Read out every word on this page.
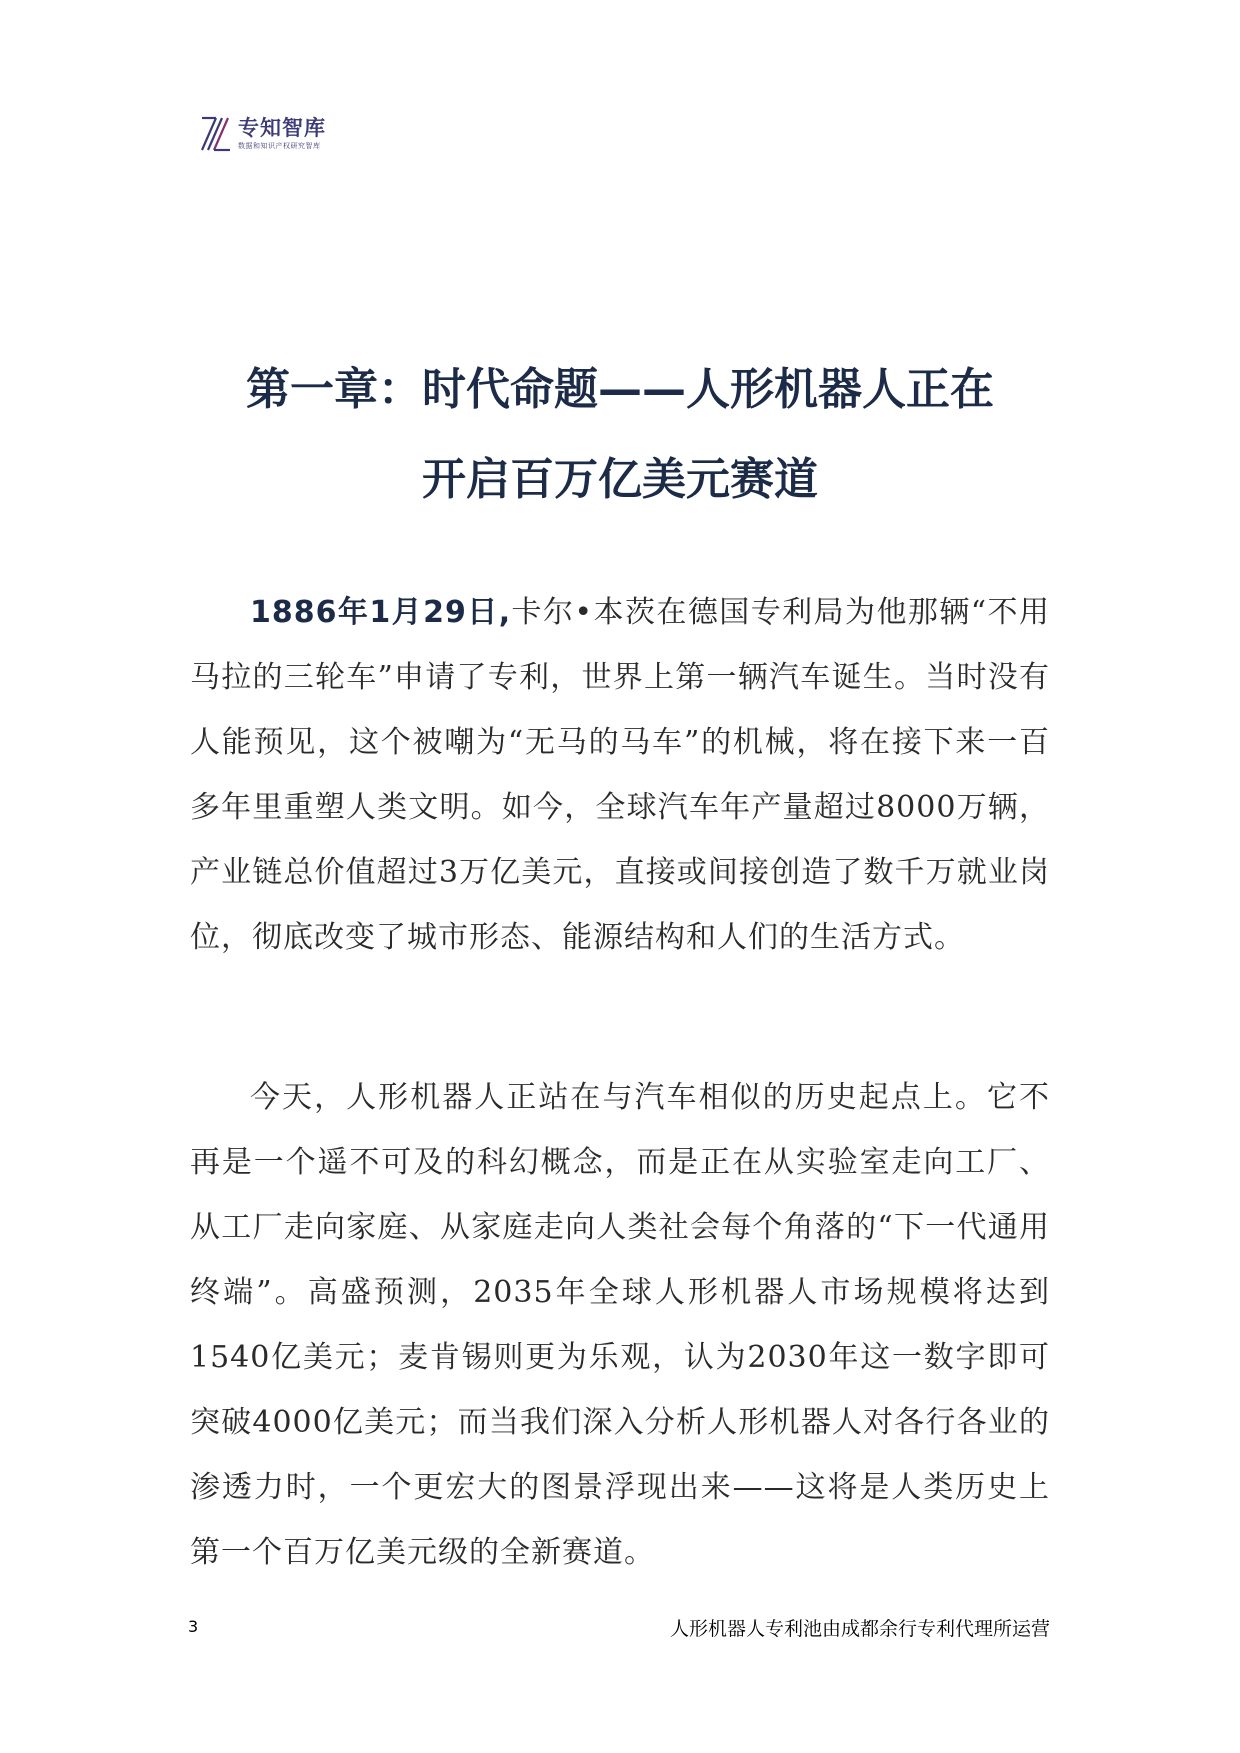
专知智库
数据和知识产权研究智库
第一章：时代命题——人形机器人正在
开启百万亿美元赛道

1886年1月29日,卡尔•本茨在德国专利局为他那辆“不用马拉的三轮车”申请了专利，世界上第一辆汽车诞生。当时没有人能预见，这个被嘲为“无马的马车”的机械，将在接下来一百多年里重塑人类文明。如今，全球汽车年产量超过8000万辆，产业链总价值超过3万亿美元，直接或间接创造了数千万就业岗位，彻底改变了城市形态、能源结构和人们的生活方式。

今天，人形机器人正站在与汽车相似的历史起点上。它不再是一个遥不可及的科幻概念，而是正在从实验室走向工厂、从工厂走向家庭、从家庭走向人类社会每个角落的“下一代通用终端”。高盛预测，2035年全球人形机器人市场规模将达到1540亿美元；麦肯锡则更为乐观，认为2030年这一数字即可突破4000亿美元；而当我们深入分析人形机器人对各行各业的渗透力时，一个更宏大的图景浮现出来——这将是人类历史上第一个百万亿美元级的全新赛道。

3	人形机器人专利池由成都余行专利代理所运营
